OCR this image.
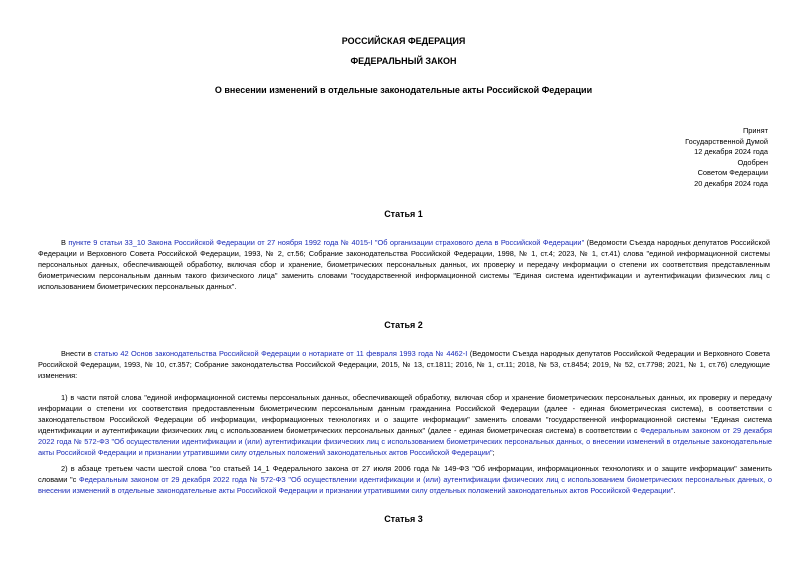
РОССИЙСКАЯ ФЕДЕРАЦИЯ
ФЕДЕРАЛЬНЫЙ ЗАКОН
О внесении изменений в отдельные законодательные акты Российской Федерации
Принят
Государственной Думой
12 декабря 2024 года
Одобрен
Советом Федерации
20 декабря 2024 года
Статья 1

В пункте 9 статьи 33_10 Закона Российской Федерации от 27 ноября 1992 года № 4015-I "Об организации страхового дела в Российской Федерации" (Ведомости Съезда народных депутатов Российской Федерации и Верховного Совета Российской Федерации, 1993, № 2, ст.56; Собрание законодательства Российской Федерации, 1998, № 1, ст.4; 2023, № 1, ст.41) слова "единой информационной системы персональных данных, обеспечивающей обработку, включая сбор и хранение, биометрических персональных данных, их проверку и передачу информации о степени их соответствия представленным биометрическим персональным данным такого физического лица" заменить словами "государственной информационной системы "Единая система идентификации и аутентификации физических лиц с использованием биометрических персональных данных".

Статья 2

Внести в статью 42 Основ законодательства Российской Федерации о нотариате от 11 февраля 1993 года № 4462-I (Ведомости Съезда народных депутатов Российской Федерации и Верховного Совета Российской Федерации, 1993, № 10, ст.357; Собрание законодательства Российской Федерации, 2015, № 13, ст.1811; 2016, № 1, ст.11; 2018, № 53, ст.8454; 2019, № 52, ст.7798; 2021, № 1, ст.76) следующие изменения:

1) в части пятой слова "единой информационной системы персональных данных, обеспечивающей обработку, включая сбор и хранение биометрических персональных данных, их проверку и передачу информации о степени их соответствия предоставленным биометрическим персональным данным гражданина Российской Федерации (далее - единая биометрическая система), в соответствии с законодательством Российской Федерации об информации, информационных технологиях и о защите информации" заменить словами "государственной информационной системы "Единая система идентификации и аутентификации физических лиц с использованием биометрических персональных данных" (далее - единая биометрическая система) в соответствии с Федеральным законом от 29 декабря 2022 года № 572-ФЗ "Об осуществлении идентификации и (или) аутентификации физических лиц с использованием биометрических персональных данных, о внесении изменений в отдельные законодательные акты Российской Федерации и признании утратившими силу отдельных положений законодательных актов Российской Федерации";

2) в абзаце третьем части шестой слова "со статьей 14_1 Федерального закона от 27 июля 2006 года № 149-ФЗ "Об информации, информационных технологиях и о защите информации" заменить словами "с Федеральным законом от 29 декабря 2022 года № 572-ФЗ "Об осуществлении идентификации и (или) аутентификации физических лиц с использованием биометрических персональных данных, о внесении изменений в отдельные законодательные акты Российской Федерации и признании утратившими силу отдельных положений законодательных актов Российской Федерации".

Статья 3
